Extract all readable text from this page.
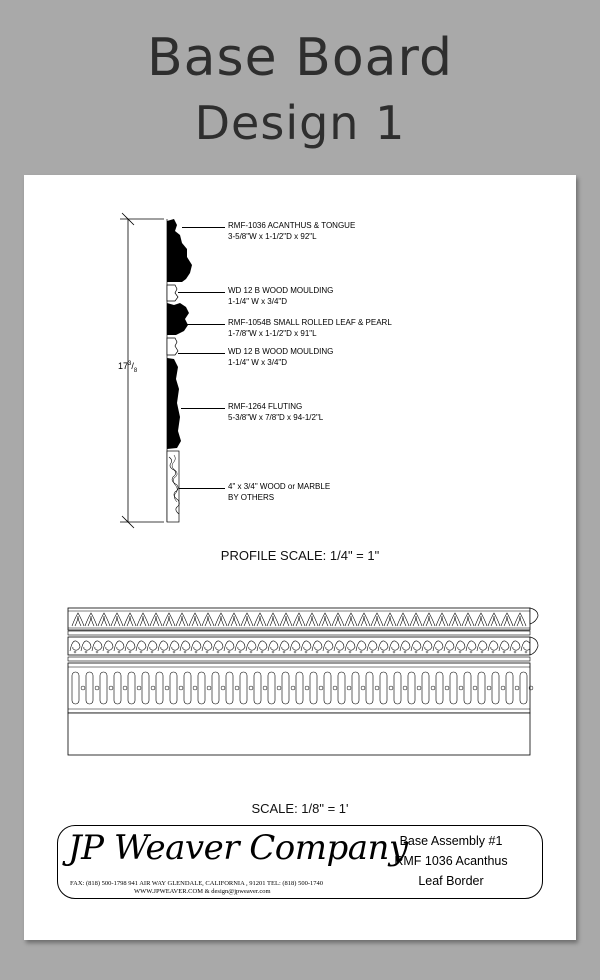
Base Board
Design 1
$17^3/_8$
RMF-1036 ACANTHUS & TONGUE
3-5/8"W x 1-1/2"D x 92"L
WD 12 B WOOD MOULDING
1-1/4" W x 3/4"D
RMF-1054B SMALL ROLLED LEAF & PEARL
1-7/8"W x 1-1/2"D x 91"L
WD 12 B WOOD MOULDING
1-1/4" W x 3/4"D
RMF-1264 FLUTING
5-3/8"W x 7/8"D x 94-1/2"L
4" x 3/4" WOOD or MARBLE
BY OTHERS
PROFILE SCALE: 1/4" = 1"
SCALE: 1/8" = 1'
JP Weaver Company
FAX: (818) 500-1798 941 AIR WAY GLENDALE, CALIFORNIA , 91201 TEL: (818) 500-1740
WWW.JPWEAVER.COM & design@jpweaver.com
Base Assembly #1
RMF 1036 Acanthus
Leaf Border
